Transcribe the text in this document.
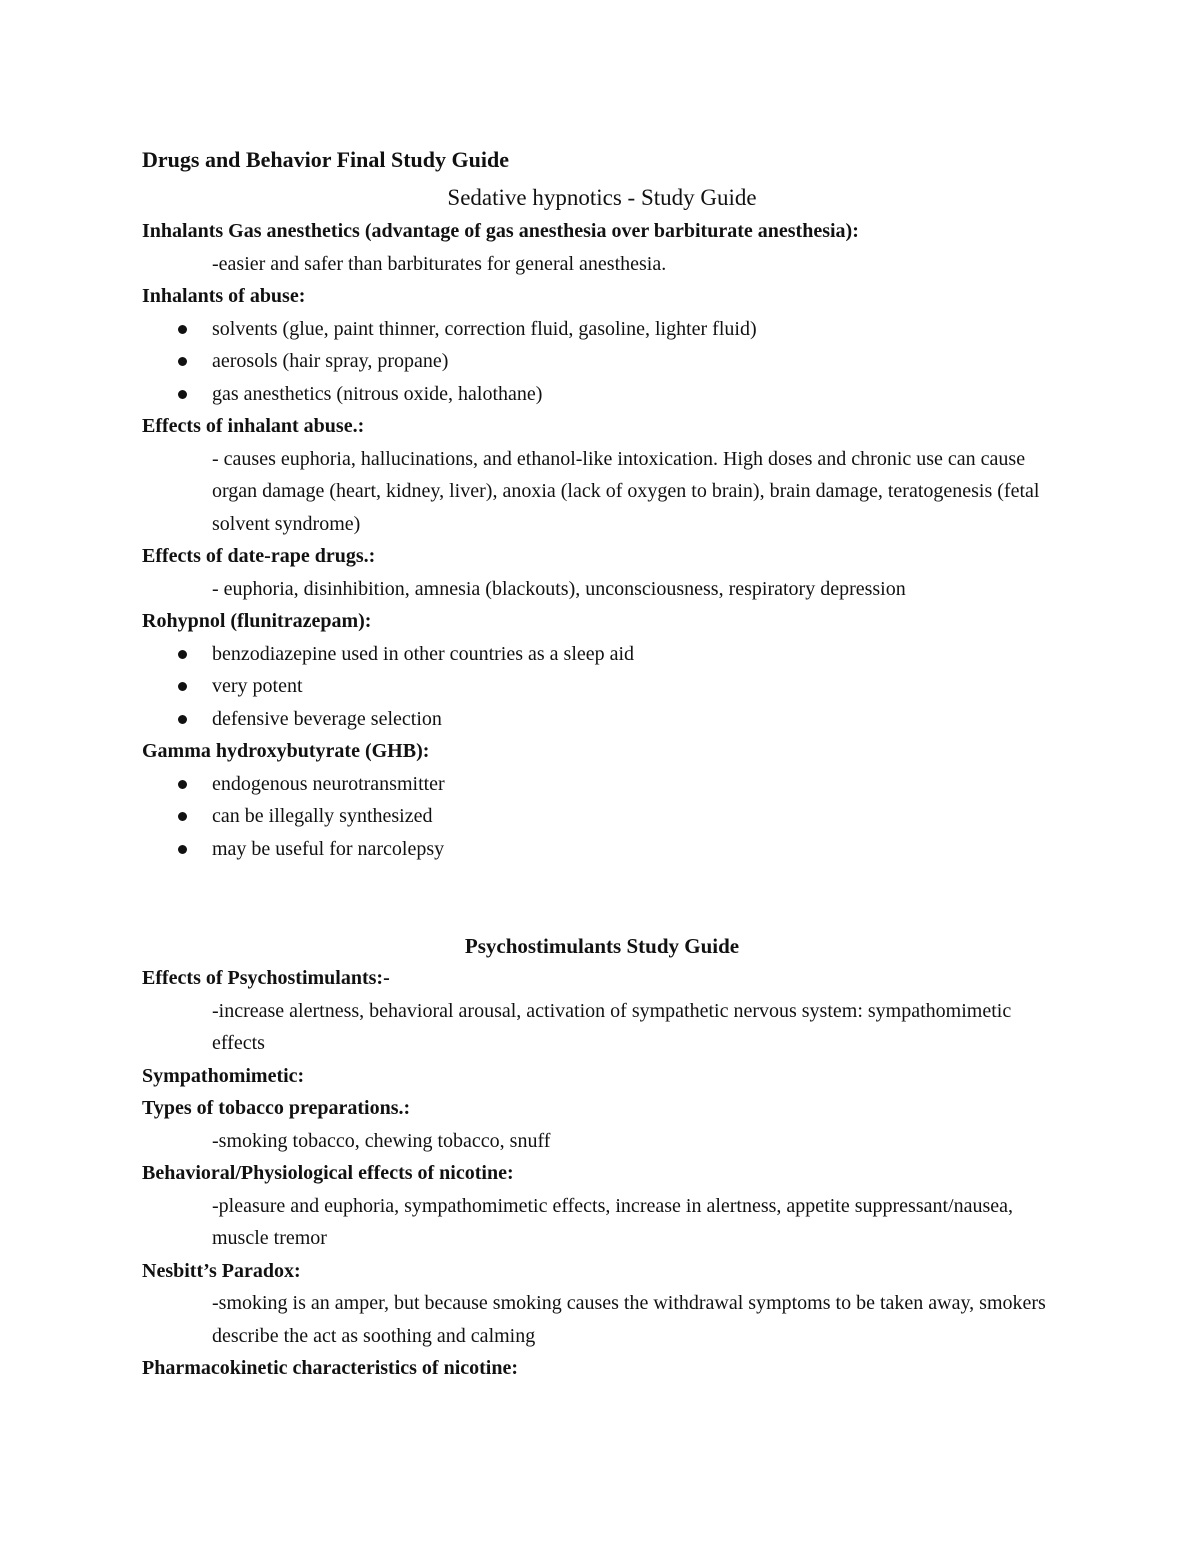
Drugs and Behavior Final Study Guide
Sedative hypnotics - Study Guide
Inhalants Gas anesthetics (advantage of gas anesthesia over barbiturate anesthesia):
-easier and safer than barbiturates for general anesthesia.
Inhalants of abuse:
solvents (glue, paint thinner, correction fluid, gasoline, lighter fluid)
aerosols (hair spray, propane)
gas anesthetics (nitrous oxide, halothane)
Effects of inhalant abuse.:
- causes euphoria, hallucinations, and ethanol-like intoxication. High doses and chronic use can cause organ damage (heart, kidney, liver), anoxia (lack of oxygen to brain), brain damage, teratogenesis (fetal solvent syndrome)
Effects of date-rape drugs.:
- euphoria, disinhibition, amnesia (blackouts), unconsciousness, respiratory depression
Rohypnol (flunitrazepam):
benzodiazepine used in other countries as a sleep aid
very potent
defensive beverage selection
Gamma hydroxybutyrate (GHB):
endogenous neurotransmitter
can be illegally synthesized
may be useful for narcolepsy
Psychostimulants Study Guide
Effects of Psychostimulants:-
-increase alertness, behavioral arousal, activation of sympathetic nervous system: sympathomimetic effects
Sympathomimetic:
Types of tobacco preparations.:
-smoking tobacco, chewing tobacco, snuff
Behavioral/Physiological effects of nicotine:
-pleasure and euphoria, sympathomimetic effects, increase in alertness, appetite suppressant/nausea, muscle tremor
Nesbitt’s Paradox:
-smoking is an amper, but because smoking causes the withdrawal symptoms to be taken away, smokers describe the act as soothing and calming
Pharmacokinetic characteristics of nicotine:
